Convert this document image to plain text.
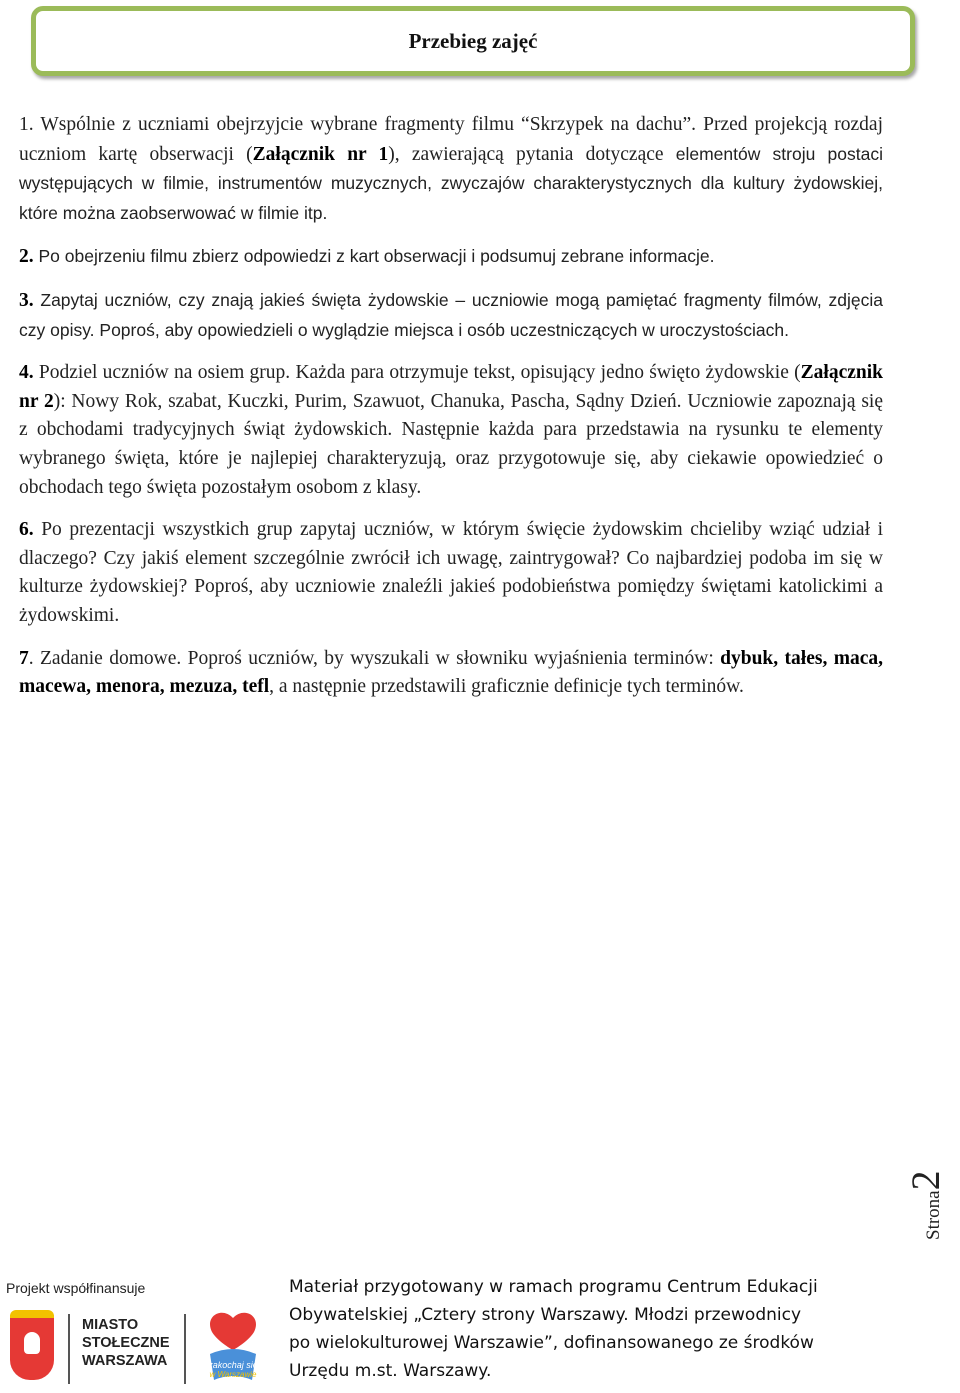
Przebieg zajęć

1. Wspólnie z uczniami obejrzyjcie wybrane fragmenty filmu “Skrzypek na dachu”. Przed projekcją rozdaj uczniom kartę obserwacji (Załącznik nr 1), zawierającą pytania dotyczące elementów stroju postaci występujących w filmie, instrumentów muzycznych, zwyczajów charakterystycznych dla kultury żydowskiej, które można zaobserwować w filmie itp.

2. Po obejrzeniu filmu zbierz odpowiedzi z kart obserwacji i podsumuj zebrane informacje.

3. Zapytaj uczniów, czy znają jakieś święta żydowskie – uczniowie mogą pamiętać fragmenty filmów, zdjęcia czy opisy. Poproś, aby opowiedzieli o wyglądzie miejsca i osób uczestniczących w uroczystościach.

4. Podziel uczniów na osiem grup. Każda para otrzymuje tekst, opisujący jedno święto żydowskie (Załącznik nr 2): Nowy Rok, szabat, Kuczki, Purim, Szawuot, Chanuka, Pascha, Sądny Dzień. Uczniowie zapoznają się z obchodami tradycyjnych świąt żydowskich. Następnie każda para przedstawia na rysunku te elementy wybranego święta, które je najlepiej charakteryzują, oraz przygotowuje się, aby ciekawie opowiedzieć o obchodach tego święta pozostałym osobom z klasy.

6. Po prezentacji wszystkich grup zapytaj uczniów, w którym święcie żydowskim chcieliby wziąć udział i dlaczego? Czy jakiś element szczególnie zwrócił ich uwagę, zaintrygował? Co najbardziej podoba im się w kulturze żydowskiej? Poproś, aby uczniowie znaleźli jakieś podobieństwa pomiędzy świętami katolickimi a żydowskimi.

7. Zadanie domowe. Poproś uczniów, by wyszukali w słowniku wyjaśnienia terminów: dybuk, tałes, maca, macewa, menora, mezuza, tefl, a następnie przedstawili graficznie definicje tych terminów.

Strona2
Projekt współfinansuje
MIASTO
STOŁECZNE
WARSZAWA	zakochaj się
w Warszawie
Materiał przygotowany w ramach programu Centrum Edukacji
Obywatelskiej „Cztery strony Warszawy. Młodzi przewodnicy
po wielokulturowej Warszawie”, dofinansowanego ze środków
Urzędu m.st. Warszawy.
